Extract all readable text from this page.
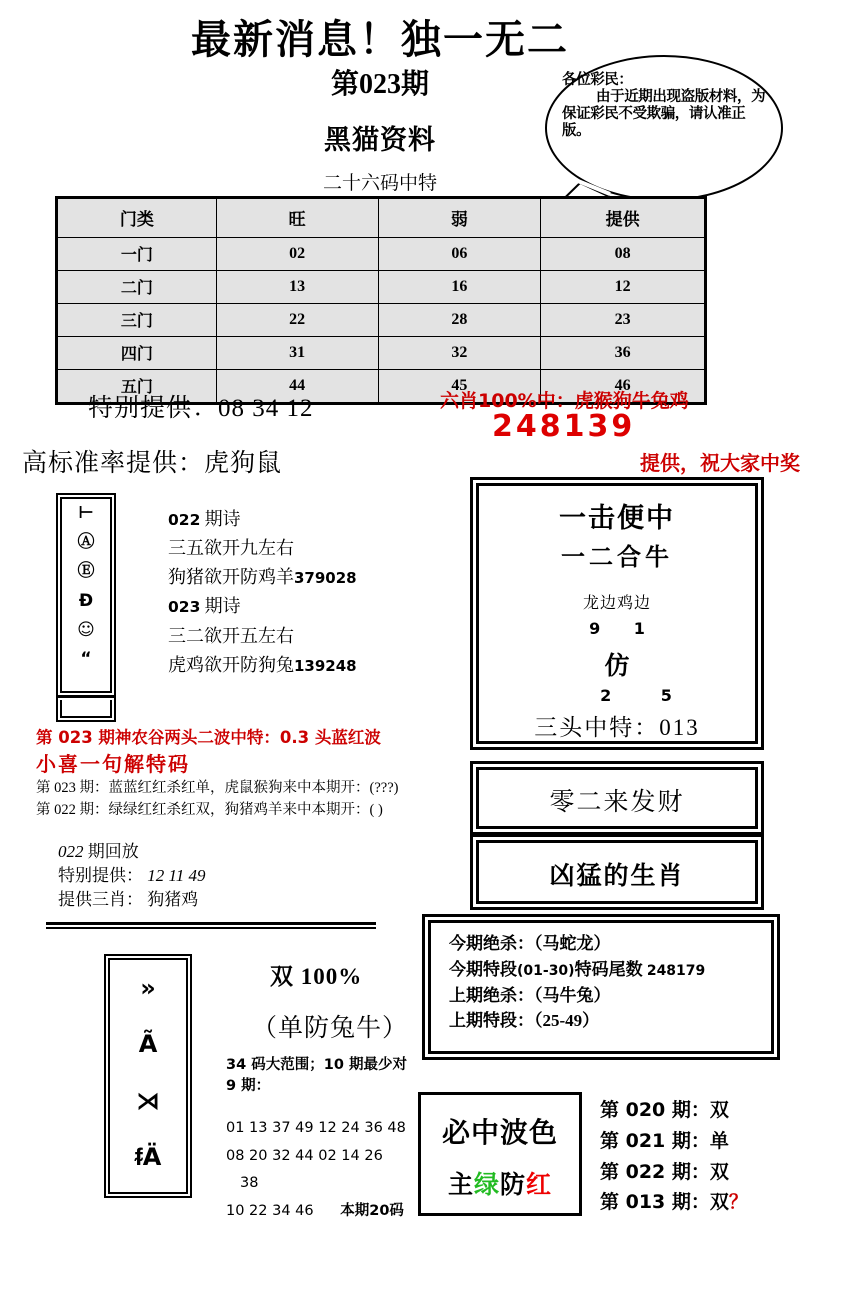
最新消息！独一无二
第023期
黑猫资料
二十六码中特
各位彩民：
由于近期出现盗版材料，为保证彩民不受欺骗，请认准正版。
门类	旺	弱	提供
一门	02	06	08
二门	13	16	12
三门	22	28	23
四门	31	32	36
五门	44	45	46
特别提供：08 34 12
高标准率提供：虎狗鼠
六肖100%中：虎猴狗牛兔鸡
248139
提供，祝大家中奖
⊢
Ⓐ
Ⓔ
Ɖ
☺
“
022 期诗
三五欲开九左右
狗猪欲开防鸡羊379028
023 期诗
三二欲开五左右
虎鸡欲开防狗兔139248
第 023 期神农谷两头二波中特：0.3 头蓝红波
小喜一句解特码
第 023 期：蓝蓝红红杀红单，虎鼠猴狗来中本期开：(???)
第 022 期：绿绿红红杀红双，狗猪鸡羊来中本期开：( )
022 期回放
特别提供： 12 11 49
提供三肖： 狗猪鸡
»
Ã
⋊
ᵮÄ
双 100%
（单防兔牛）
34 码大范围；10 期最少对 9 期：
01 13 37 49 12 24 36 48
08 20 32 44 02 14 26
38
10 22 34 46 本期20码
一击便中
一二合牛
龙边鸡边
9 1
仿
2 5
三头中特：013
零二来发财
凶猛的生肖
今期绝杀：（马蛇龙）
今期特段(01-30)特码尾数 248179
上期绝杀：（马牛兔）
上期特段：（25-49）
必中波色
主绿防红
第 020 期：双
第 021 期：单
第 022 期：双
第 013 期：双？
